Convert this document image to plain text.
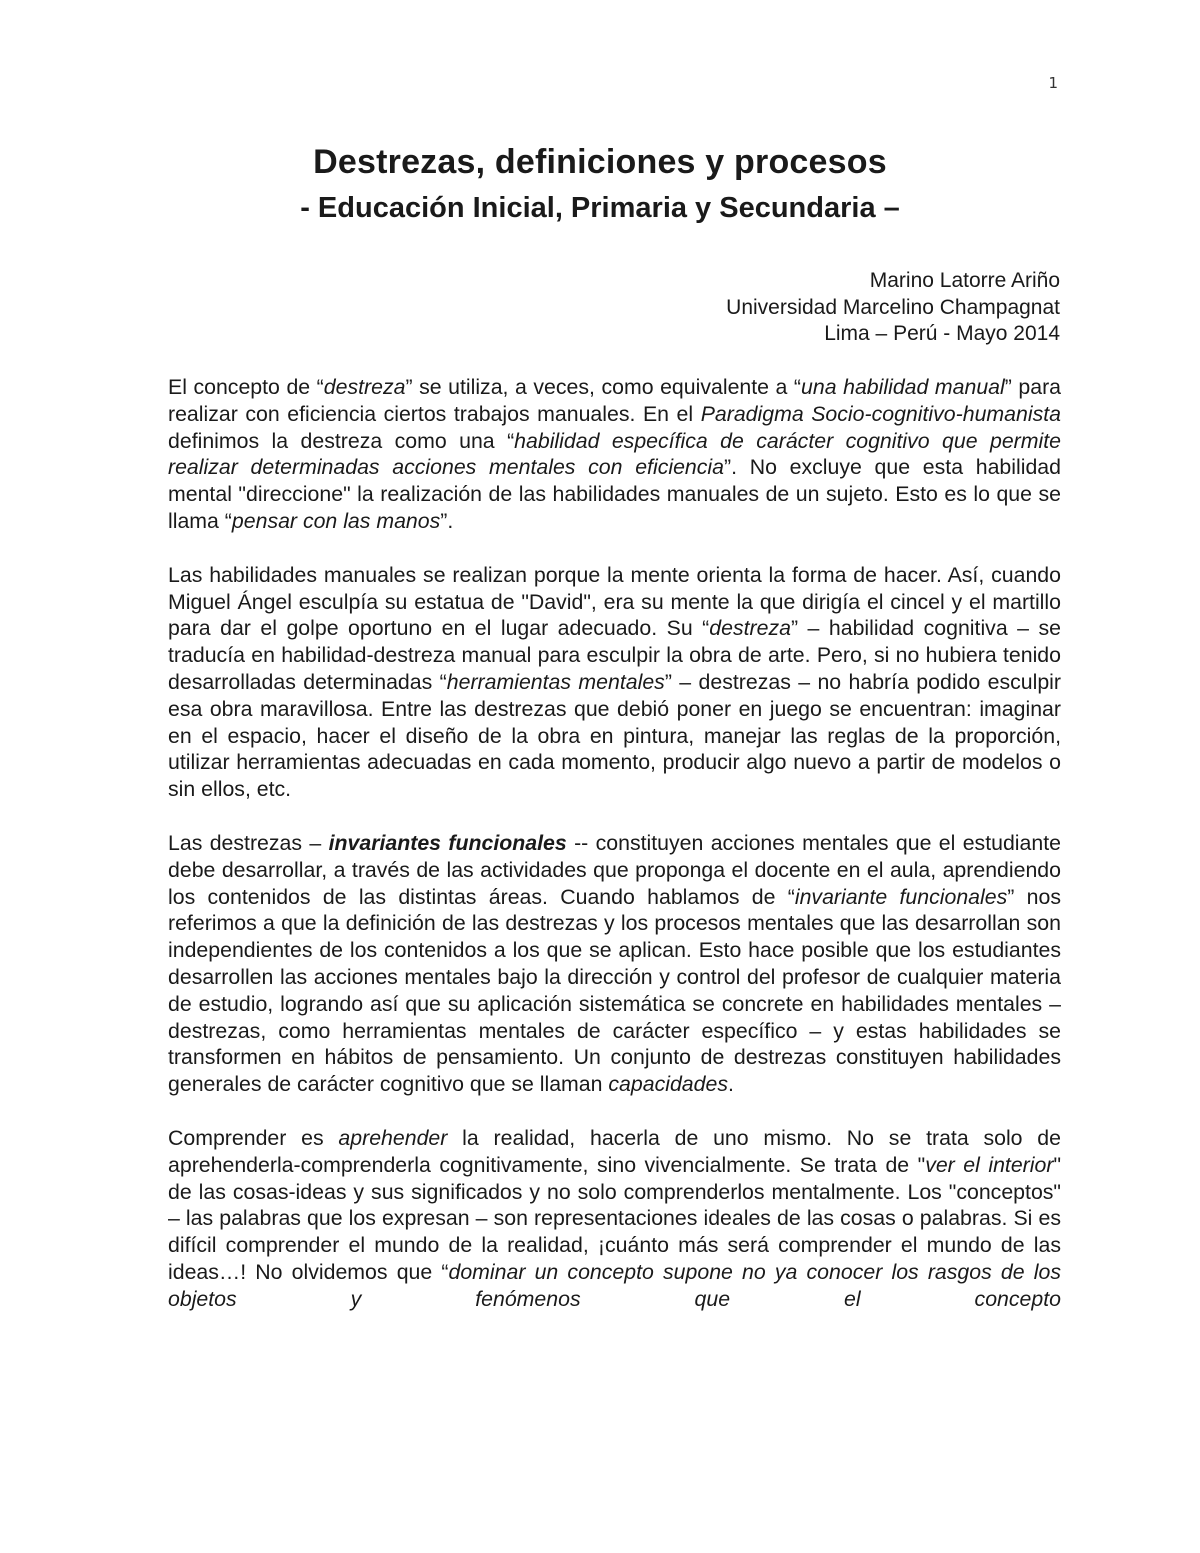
1
Destrezas, definiciones y procesos
- Educación Inicial, Primaria y Secundaria –
Marino Latorre Ariño
Universidad Marcelino Champagnat
Lima – Perú - Mayo 2014

El concepto de “destreza” se utiliza, a veces, como equivalente a “una habilidad manual” para realizar con eficiencia ciertos trabajos manuales. En el Paradigma Socio-cognitivo-humanista definimos la destreza como una “habilidad específica de carácter cognitivo que permite realizar determinadas acciones mentales con eficiencia”. No excluye que esta habilidad mental "direccione" la realización de las habilidades manuales de un sujeto. Esto es lo que se llama “pensar con las manos”.

Las habilidades manuales se realizan porque la mente orienta la forma de hacer. Así, cuando Miguel Ángel esculpía su estatua de "David", era su mente la que dirigía el cincel y el martillo para dar el golpe oportuno en el lugar adecuado. Su “destreza” – habilidad cognitiva – se traducía en habilidad-destreza manual para esculpir la obra de arte. Pero, si no hubiera tenido desarrolladas determinadas “herramientas mentales” – destrezas – no habría podido esculpir esa obra maravillosa. Entre las destrezas que debió poner en juego se encuentran: imaginar en el espacio, hacer el diseño de la obra en pintura, manejar las reglas de la proporción, utilizar herramientas adecuadas en cada momento, producir algo nuevo a partir de modelos o sin ellos, etc.

Las destrezas – invariantes funcionales -- constituyen acciones mentales que el estudiante debe desarrollar, a través de las actividades que proponga el docente en el aula, aprendiendo los contenidos de las distintas áreas. Cuando hablamos de “invariante funcionales” nos referimos a que la definición de las destrezas y los procesos mentales que las desarrollan son independientes de los contenidos a los que se aplican. Esto hace posible que los estudiantes desarrollen las acciones mentales bajo la dirección y control del profesor de cualquier materia de estudio, logrando así que su aplicación sistemática se concrete en habilidades mentales – destrezas, como herramientas mentales de carácter específico – y estas habilidades se transformen en hábitos de pensamiento. Un conjunto de destrezas constituyen habilidades generales de carácter cognitivo que se llaman capacidades.

Comprender es aprehender la realidad, hacerla de uno mismo. No se trata solo de aprehenderla-comprenderla cognitivamente, sino vivencialmente. Se trata de "ver el interior" de las cosas-ideas y sus significados y no solo comprenderlos mentalmente. Los "conceptos" – las palabras que los expresan – son representaciones ideales de las cosas o palabras. Si es difícil comprender el mundo de la realidad, ¡cuánto más será comprender el mundo de las ideas…! No olvidemos que “dominar un concepto supone no ya conocer los rasgos de los objetos y fenómenos que el concepto
